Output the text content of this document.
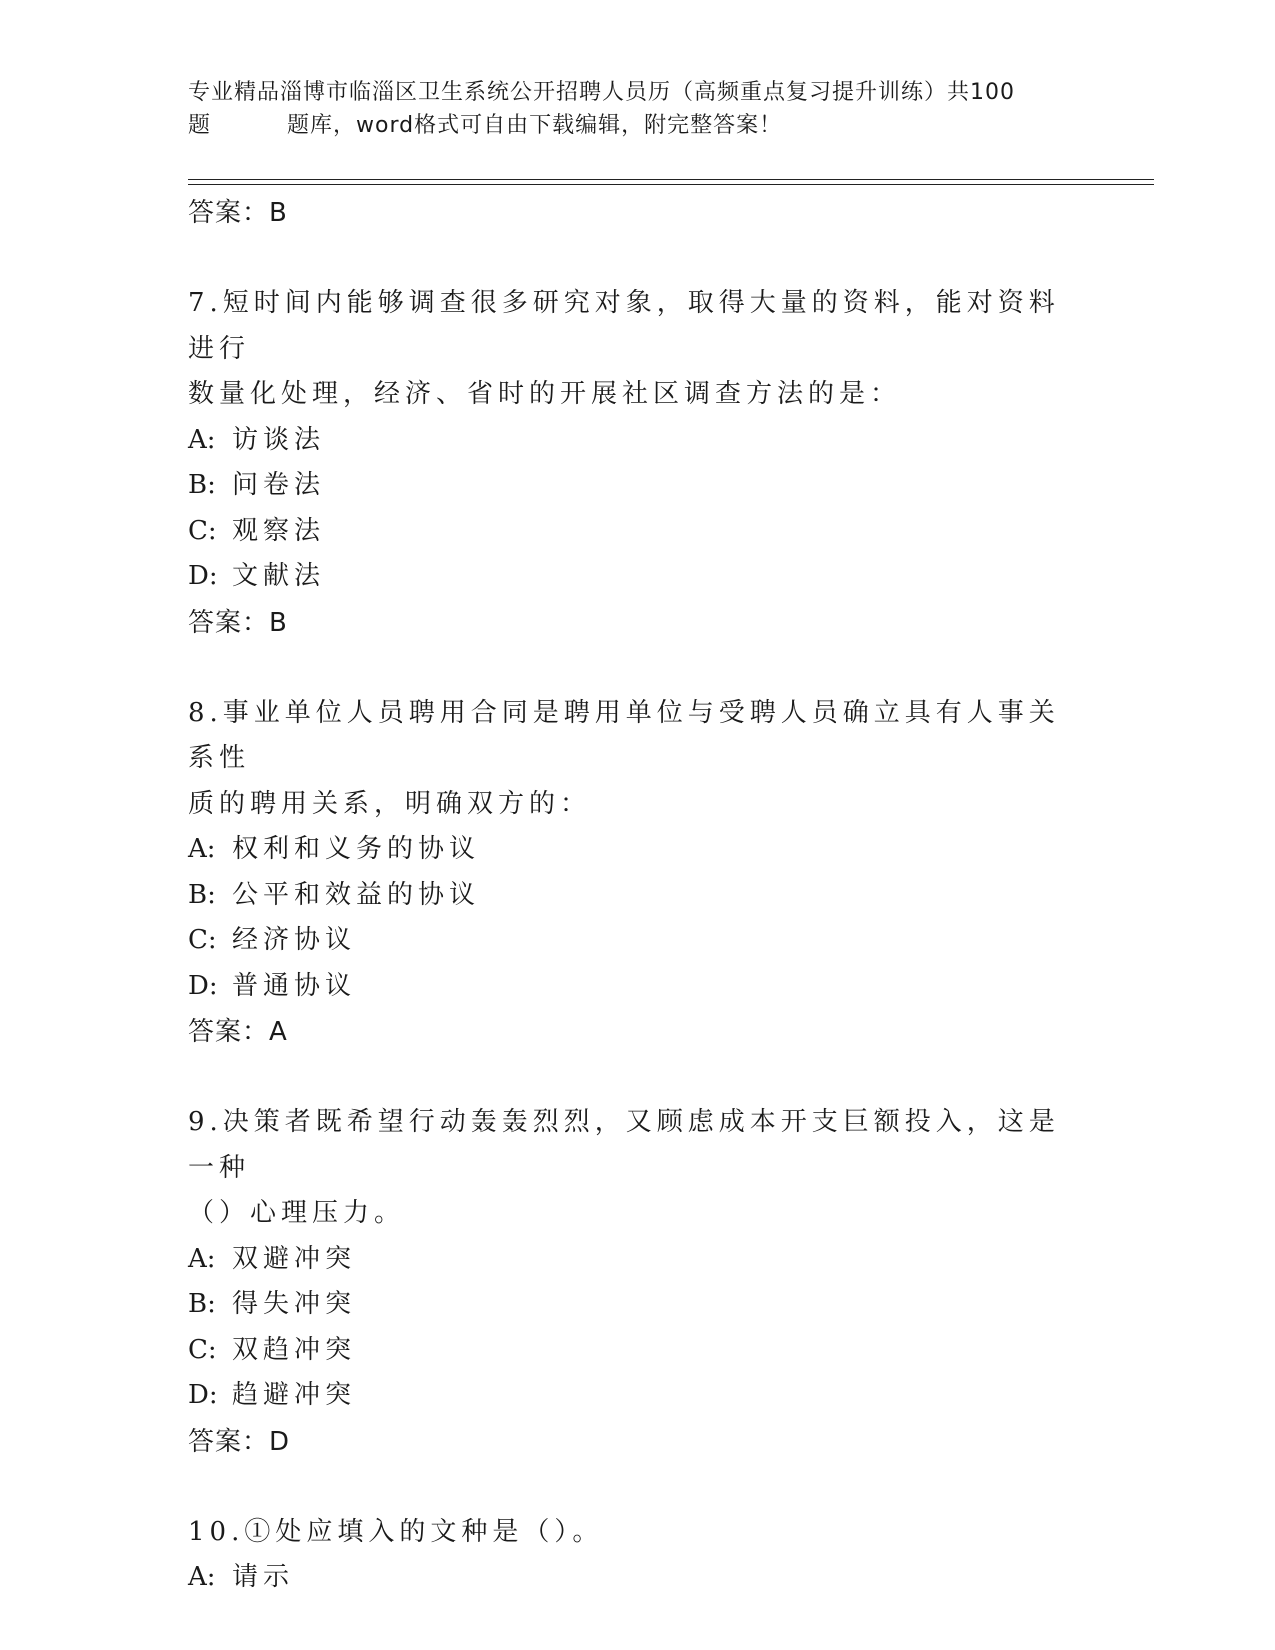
专业精品淄博市临淄区卫生系统公开招聘人员历（高频重点复习提升训练）共100
题	题库，word格式可自由下载编辑，附完整答案！
答案：B
7.短时间内能够调查很多研究对象，取得大量的资料，能对资料进行
数量化处理，经济、省时的开展社区调查方法的是：
A: 访谈法
B: 问卷法
C: 观察法
D: 文献法
答案：B
8.事业单位人员聘用合同是聘用单位与受聘人员确立具有人事关系性
质的聘用关系，明确双方的：
A: 权利和义务的协议
B: 公平和效益的协议
C: 经济协议
D: 普通协议
答案：A
9.决策者既希望行动轰轰烈烈，又顾虑成本开支巨额投入，这是一种
（）心理压力。
A: 双避冲突
B: 得失冲突
C: 双趋冲突
D: 趋避冲突
答案：D
10.①处应填入的文种是（）。
A: 请示
